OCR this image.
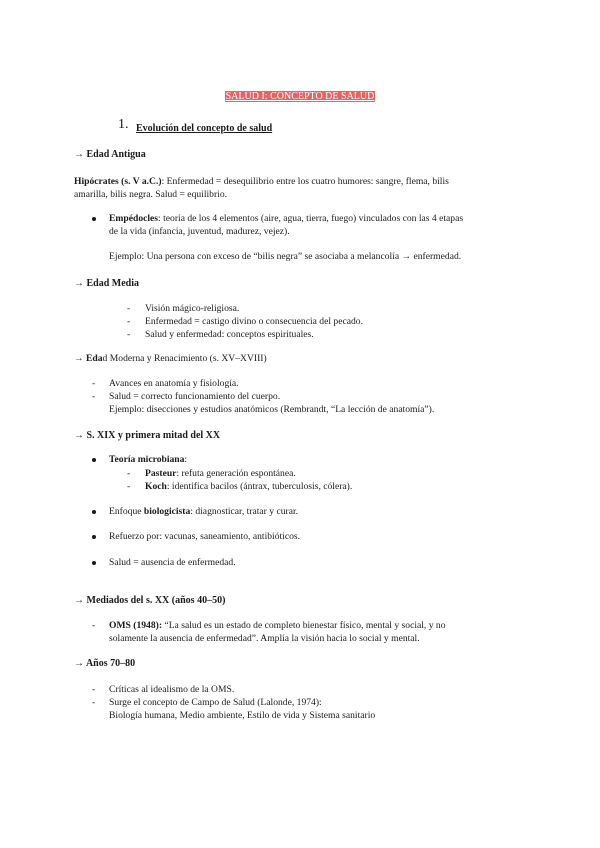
SALUD I: CONCEPTO DE SALUD
1. Evolución del concepto de salud
→ Edad Antigua
Hipócrates (s. V a.C.): Enfermedad = desequilibrio entre los cuatro humores: sangre, flema, bilis
amarilla, bilis negra. Salud = equilibrio.
Empédocles: teoría de los 4 elementos (aire, agua, tierra, fuego) vinculados con las 4 etapas
de la vida (infancia, juventud, madurez, vejez).
Ejemplo: Una persona con exceso de “bilis negra” se asociaba a melancolía → enfermedad.
→ Edad Media
- Visión mágico-religiosa.
- Enfermedad = castigo divino o consecuencia del pecado.
- Salud y enfermedad: conceptos espirituales.
→ Edad Moderna y Renacimiento (s. XV–XVIII)
- Avances en anatomía y fisiología.
- Salud = correcto funcionamiento del cuerpo.
Ejemplo: disecciones y estudios anatómicos (Rembrandt, “La lección de anatomía”).
→ S. XIX y primera mitad del XX
Teoría microbiana:
- Pasteur: refuta generación espontánea.
- Koch: identifica bacilos (ántrax, tuberculosis, cólera).
Enfoque biologicista: diagnosticar, tratar y curar.
Refuerzo por: vacunas, saneamiento, antibióticos.
Salud = ausencia de enfermedad.
→ Mediados del s. XX (años 40–50)
- OMS (1948): “La salud es un estado de completo bienestar físico, mental y social, y no
solamente la ausencia de enfermedad”. Amplía la visión hacia lo social y mental.
→ Años 70–80
- Críticas al idealismo de la OMS.
- Surge el concepto de Campo de Salud (Lalonde, 1974):
Biología humana, Medio ambiente, Estilo de vida y Sistema sanitario
